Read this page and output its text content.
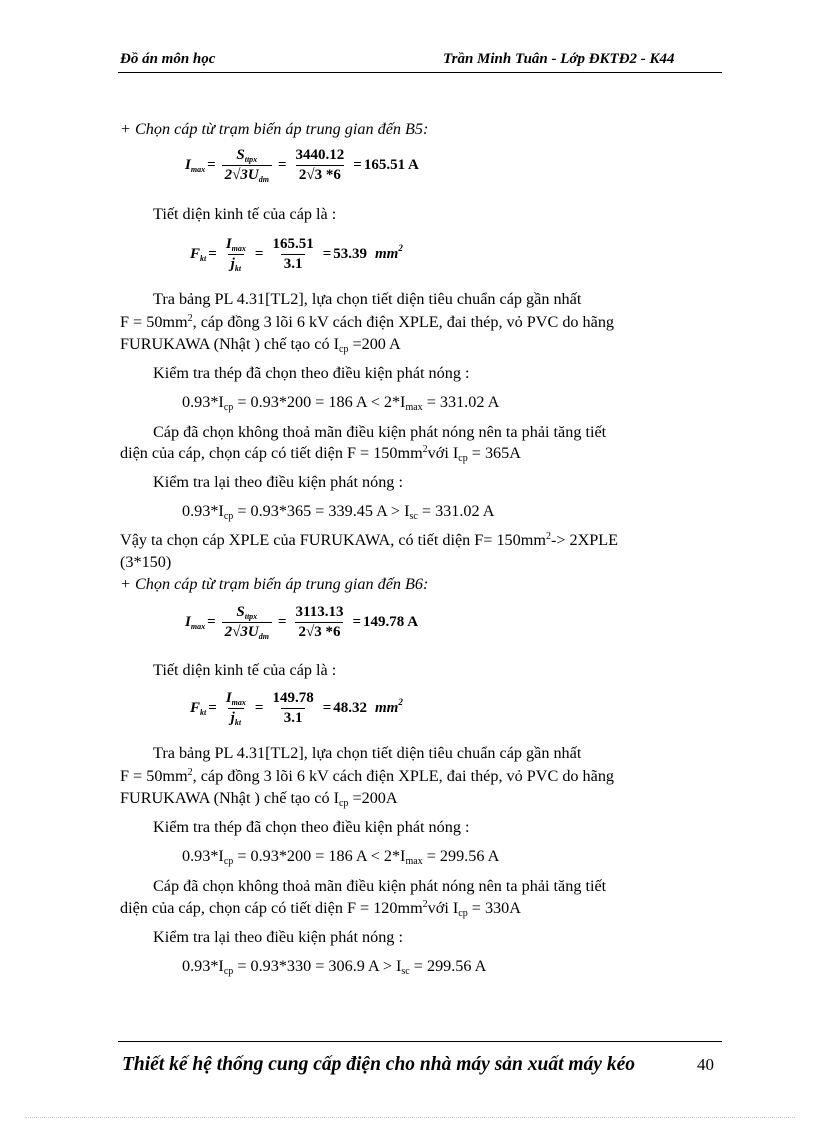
Đồ án môn học	Trần Minh Tuân - Lớp ĐKTĐ2 - K44
+ Chọn cáp từ trạm biến áp trung gian đến B5:
$I_{max} = \frac{S_{ttpx}}{2√3U_{dm}} = \frac{3440.12}{2√3 *6} = 165.51$ A
Tiết diện kinh tế của cáp là :
$F_{kt} = \frac{I_{max}}{j_{kt}} = \frac{165.51}{3.1} = 53.39$ $mm^2$
Tra bảng PL 4.31[TL2], lựa chọn tiết diện tiêu chuẩn cáp gần nhất
$F = 50mm^2$, cáp đồng 3 lõi 6 kV cách điện XPLE, đai thép, vỏ PVC do hãng
FURUKAWA (Nhật ) chế tạo có $I_{cp} =200$ A
Kiểm tra thép đã chọn theo điều kiện phát nóng :
$0.93*I_{cp} = 0.93*200 = 186$ $A < 2*I_{max} = 331.02$ A
Cáp đã chọn không thoả mãn điều kiện phát nóng nên ta phải tăng tiết
diện của cáp, chọn cáp có tiết diện $F = 150mm^2với$ $I_{cp} = 365A$
Kiểm tra lại theo điều kiện phát nóng :
$0.93*I_{cp} = 0.93*365 = 339.45$ $A > I_{sc} = 331.02$ A
Vậy ta chọn cáp XPLE của FURUKAWA, có tiết diện $F= 150mm^2->$ 2XPLE
(3*150)
+ Chọn cáp từ trạm biến áp trung gian đến B6:
$I_{max} = \frac{S_{ttpx}}{2√3U_{dm}} = \frac{3113.13}{2√3 *6} = 149.78$ A
Tiết diện kinh tế của cáp là :
$F_{kt} = \frac{I_{max}}{j_{kt}} = \frac{149.78}{3.1} = 48.32$ $mm^2$
Tra bảng PL 4.31[TL2], lựa chọn tiết diện tiêu chuẩn cáp gần nhất
$F = 50mm^2$, cáp đồng 3 lõi 6 kV cách điện XPLE, đai thép, vỏ PVC do hãng
FURUKAWA (Nhật ) chế tạo có $I_{cp} =200A$
Kiểm tra thép đã chọn theo điều kiện phát nóng :
$0.93*I_{cp} = 0.93*200 = 186$ $A < 2*I_{max} = 299.56$ A
Cáp đã chọn không thoả mãn điều kiện phát nóng nên ta phải tăng tiết
diện của cáp, chọn cáp có tiết diện $F = 120mm^2với$ $I_{cp} = 330A$
Kiểm tra lại theo điều kiện phát nóng :
$0.93*I_{cp} = 0.93*330 = 306.9$ $A > I_{sc} = 299.56$ A
Thiết kế hệ thống cung cấp điện cho nhà máy sản xuất máy kéo	40
